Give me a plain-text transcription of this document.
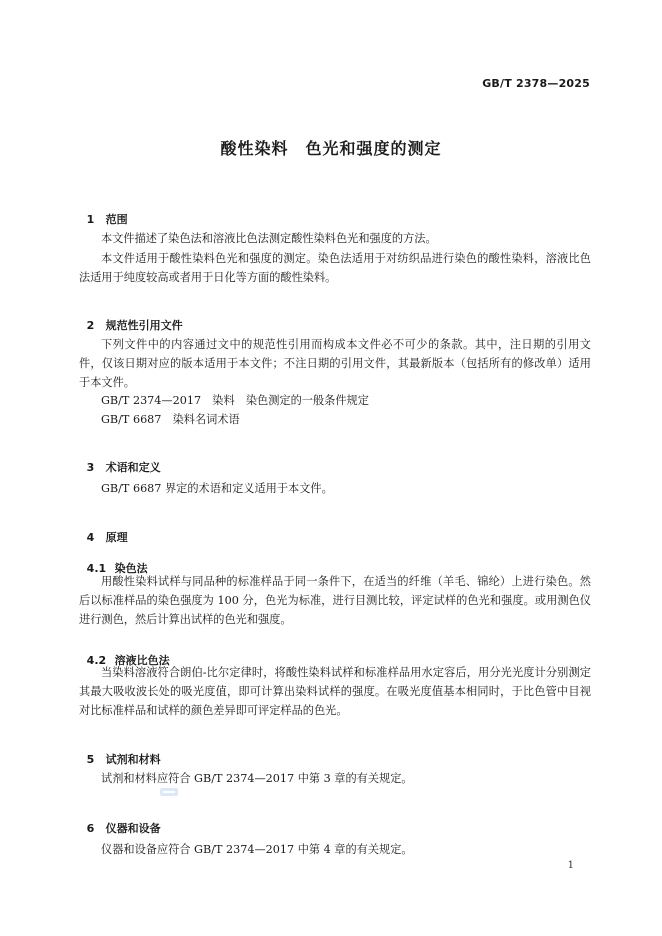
GB/T 2378—2025
酸性染料　色光和强度的测定

1 范围

本文件描述了染色法和溶液比色法测定酸性染料色光和强度的方法。

本文件适用于酸性染料色光和强度的测定。染色法适用于对纺织品进行染色的酸性染料，溶液比色法适用于纯度较高或者用于日化等方面的酸性染料。

2 规范性引用文件

下列文件中的内容通过文中的规范性引用而构成本文件必不可少的条款。其中，注日期的引用文件，仅该日期对应的版本适用于本文件；不注日期的引用文件，其最新版本（包括所有的修改单）适用于本文件。

GB/T 2374—2017　染料　染色测定的一般条件规定
GB/T 6687　染料名词术语

3 术语和定义

GB/T 6687 界定的术语和定义适用于本文件。

4 原理

4.1 染色法

用酸性染料试样与同品种的标准样品于同一条件下，在适当的纤维（羊毛、锦纶）上进行染色。然后以标准样品的染色强度为 100 分，色光为标准，进行目测比较，评定试样的色光和强度。或用测色仪进行测色，然后计算出试样的色光和强度。

4.2 溶液比色法

当染料溶液符合朗伯-比尔定律时，将酸性染料试样和标准样品用水定容后，用分光光度计分别测定其最大吸收波长处的吸光度值，即可计算出染料试样的强度。在吸光度值基本相同时，于比色管中目视对比标准样品和试样的颜色差异即可评定样品的色光。

5 试剂和材料

试剂和材料应符合 GB/T 2374—2017 中第 3 章的有关规定。

6 仪器和设备

仪器和设备应符合 GB/T 2374—2017 中第 4 章的有关规定。

1
